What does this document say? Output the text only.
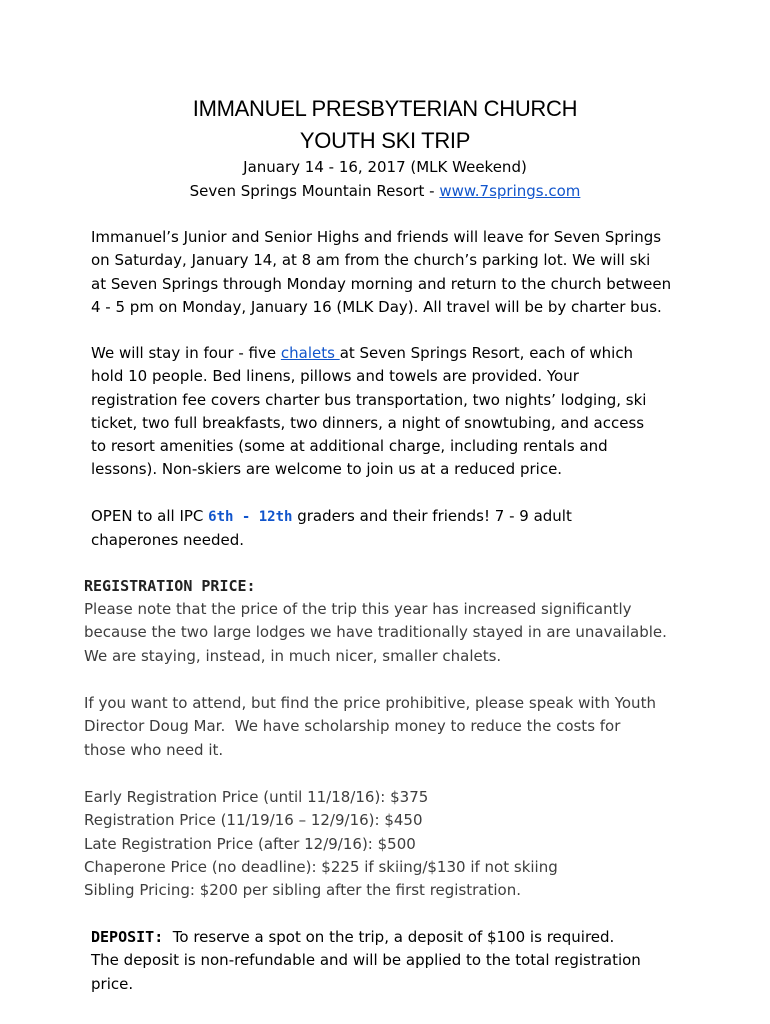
IMMANUEL PRESBYTERIAN CHURCH
YOUTH SKI TRIP
January 14 - 16, 2017 (MLK Weekend)
Seven Springs Mountain Resort - www.7springs.com
Immanuel’s Junior and Senior Highs and friends will leave for Seven Springs
on Saturday, January 14, at 8 am from the church’s parking lot. We will ski
at Seven Springs through Monday morning and return to the church between
4 - 5 pm on Monday, January 16 (MLK Day). All travel will be by charter bus.
We will stay in four - five chalets at Seven Springs Resort, each of which
hold 10 people. Bed linens, pillows and towels are provided. Your
registration fee covers charter bus transportation, two nights’ lodging, ski
ticket, two full breakfasts, two dinners, a night of snowtubing, and access
to resort amenities (some at additional charge, including rentals and
lessons). Non-skiers are welcome to join us at a reduced price.
OPEN to all IPC 6th - 12th graders and their friends! 7 - 9 adult
chaperones needed.
REGISTRATION PRICE:
Please note that the price of the trip this year has increased significantly
because the two large lodges we have traditionally stayed in are unavailable.
We are staying, instead, in much nicer, smaller chalets.
If you want to attend, but find the price prohibitive, please speak with Youth
Director Doug Mar.  We have scholarship money to reduce the costs for
those who need it.
Early Registration Price (until 11/18/16): $375
Registration Price (11/19/16 – 12/9/16): $450
Late Registration Price (after 12/9/16): $500
Chaperone Price (no deadline): $225 if skiing/$130 if not skiing
Sibling Pricing: $200 per sibling after the first registration.
DEPOSIT:  To reserve a spot on the trip, a deposit of $100 is required.
The deposit is non-refundable and will be applied to the total registration
price.
